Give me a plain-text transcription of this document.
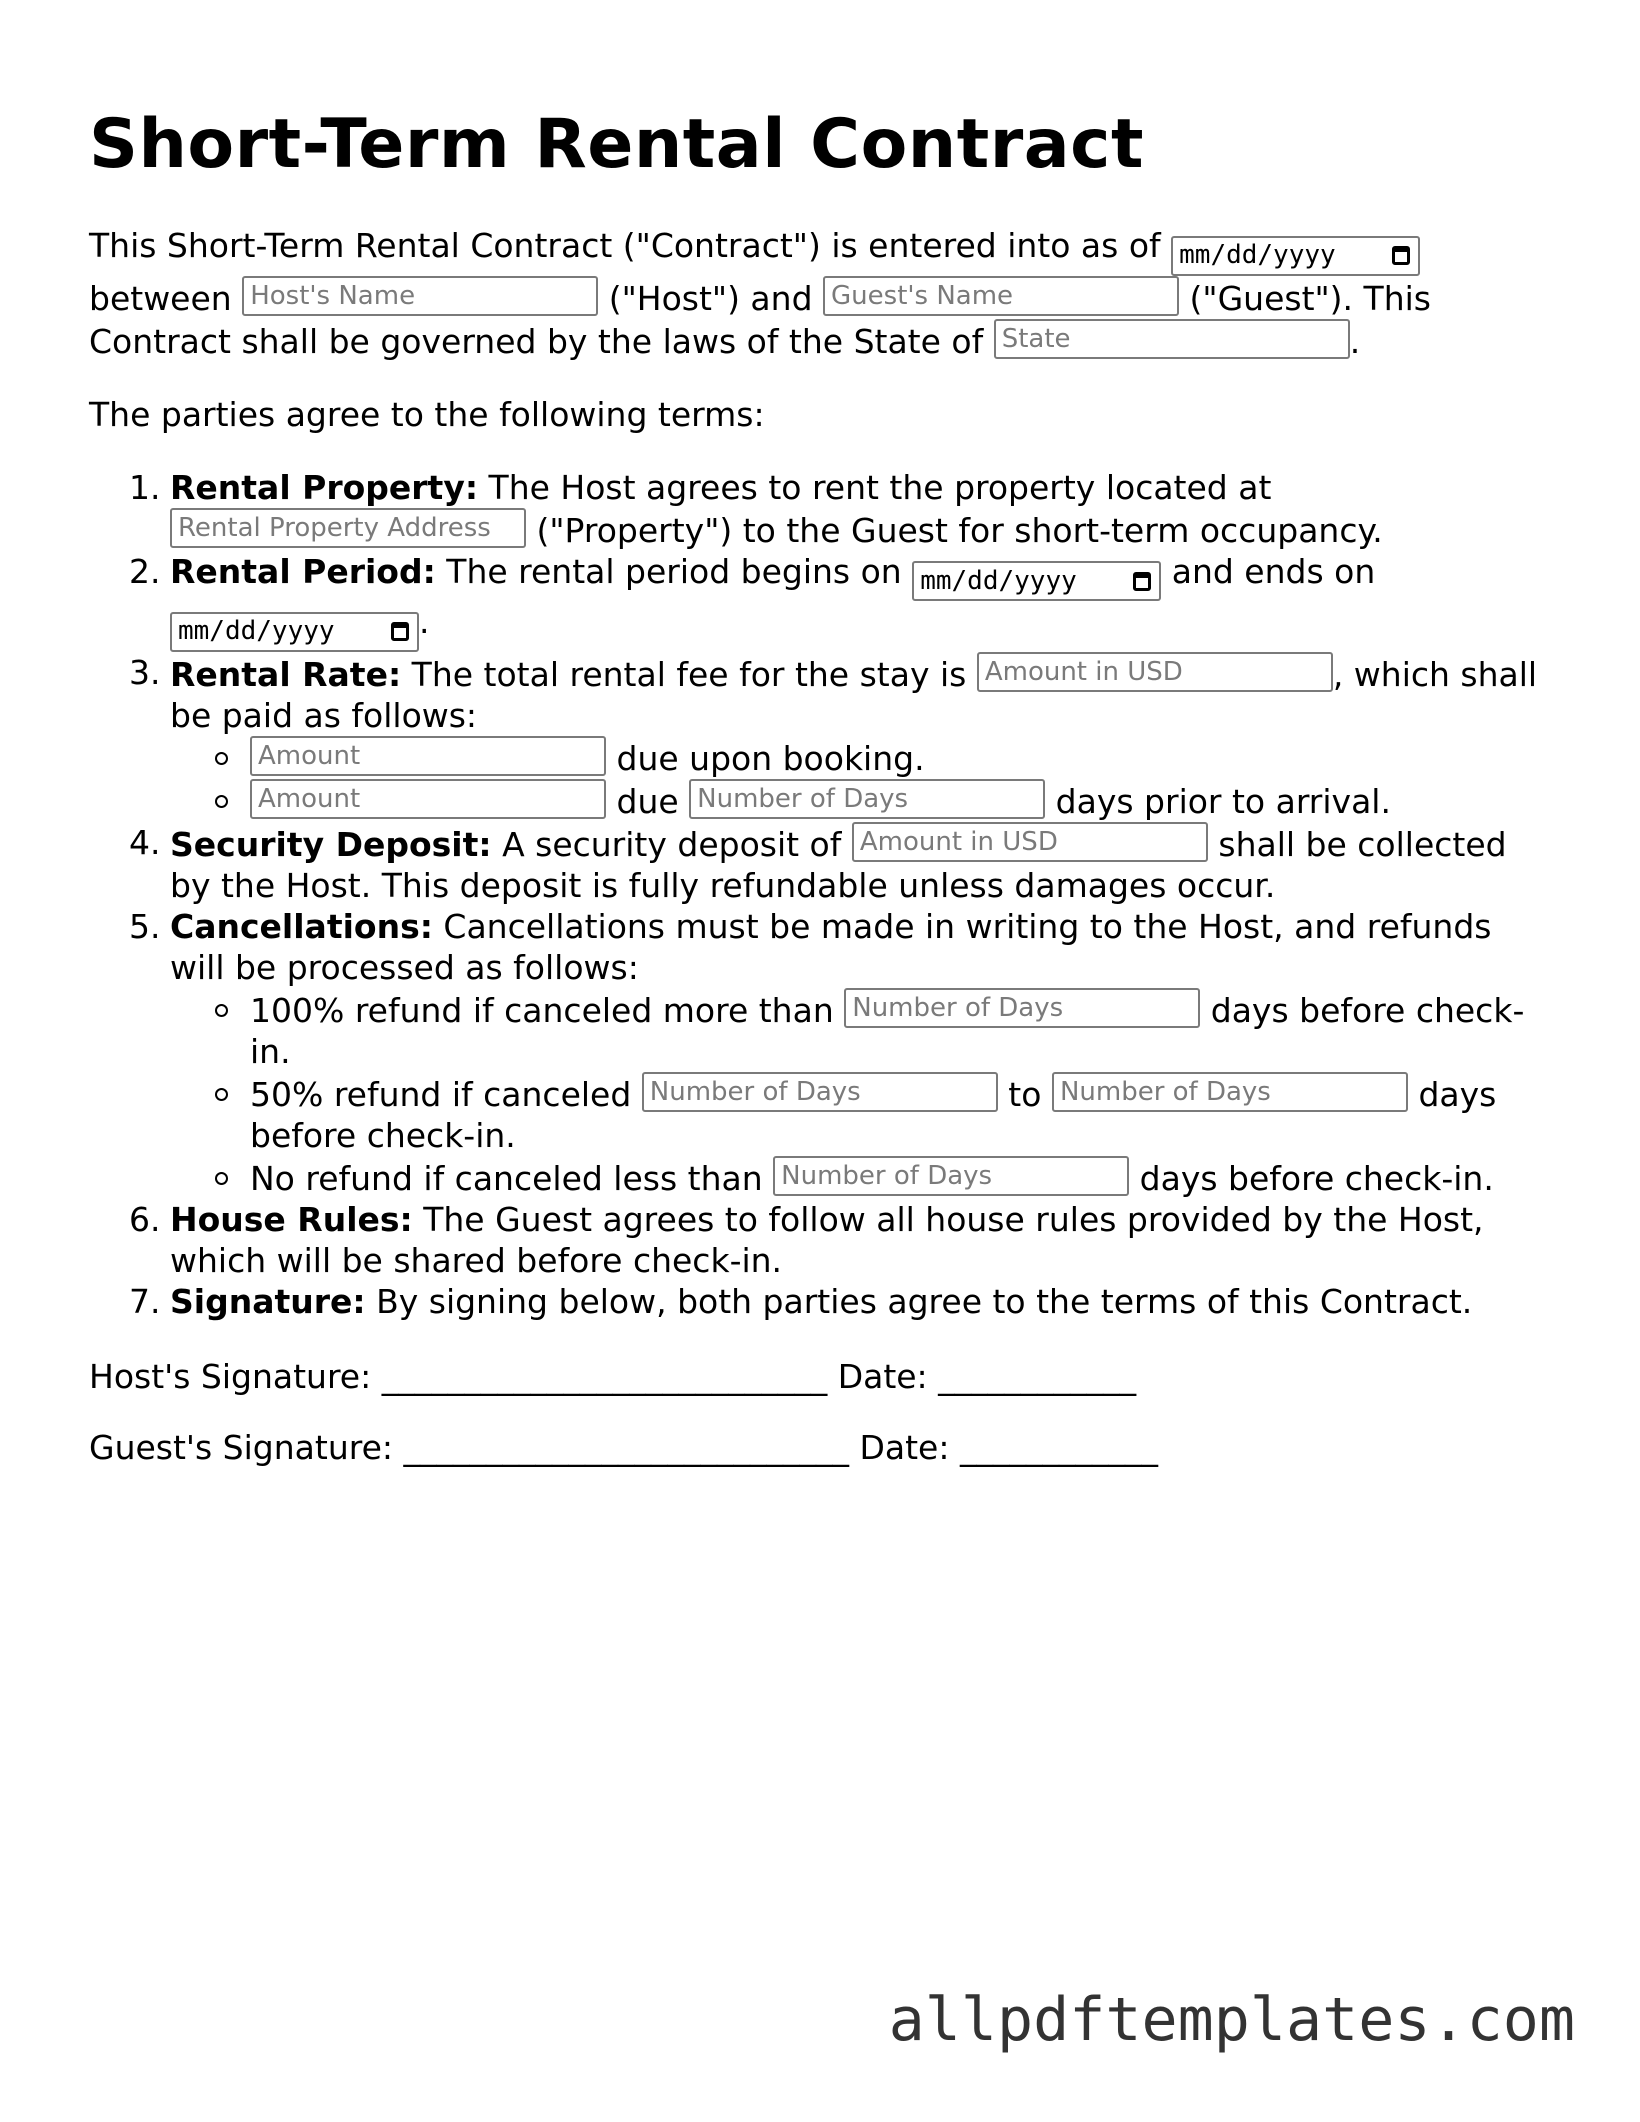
Short-Term Rental Contract

This Short-Term Rental Contract ("Contract") is entered into as of mm/dd/yyyy
between Host's Name	("Host") and Guest's Name	("Guest"). This Contract shall be governed by the laws of the State of State	.

The parties agree to the following terms:

1. Rental Property: The Host agrees to rent the property located at Rental Property Address ("Property") to the Guest for short-term occupancy.
2. Rental Period: The rental period begins on mm/dd/yyyy	and ends on
mm/dd/yyyy	.
3. Rental Rate: The total rental fee for the stay is Amount in USD	, which shall be paid as follows:
Amount	due upon booking.
Amount	due Number of Days	days prior to arrival.
4. Security Deposit: A security deposit of Amount in USD	shall be collected by the Host. This deposit is fully refundable unless damages occur.
5. Cancellations: Cancellations must be made in writing to the Host, and refunds will be processed as follows:
100% refund if canceled more than Number of Days	days before check-in.
50% refund if canceled Number of Days	to Number of Days	days before check-in.
No refund if canceled less than Number of Days	days before check-in.
6. House Rules: The Guest agrees to follow all house rules provided by the Host, which will be shared before check-in.
7. Signature: By signing below, both parties agree to the terms of this Contract.

Host's Signature: ___________________________ Date: ____________

Guest's Signature: ___________________________ Date: ____________

allpdftemplates.com
